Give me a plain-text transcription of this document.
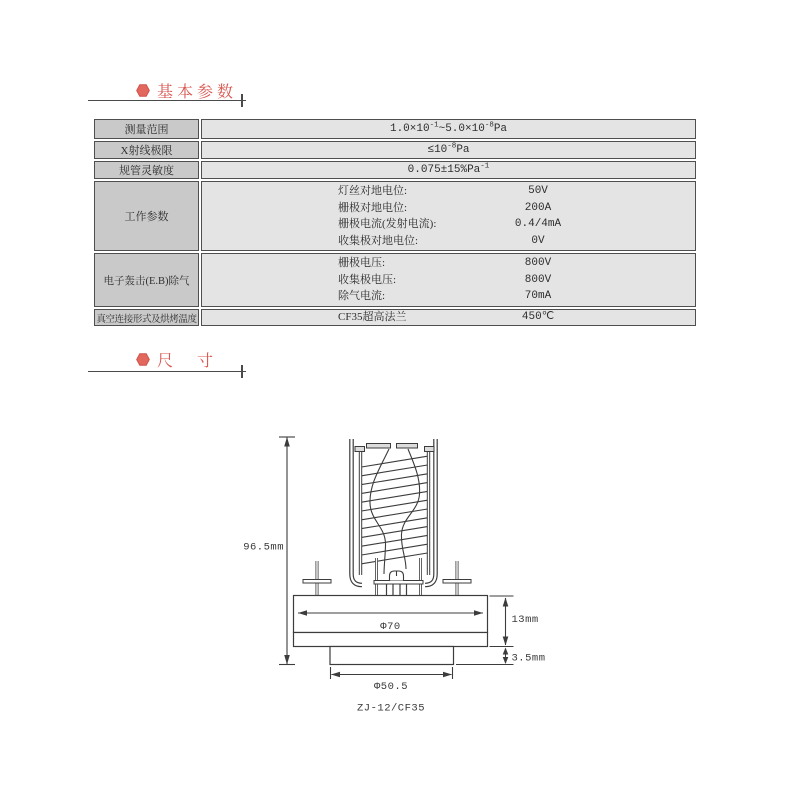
基本参数
测量范围	$1.0\times 10^{-1}\sim 5.0\times 10^{-8}Pa$
X射线极限	$\le 10^{-8}Pa$
规管灵敏度	$0.075\pm 15\%Pa^{-1}$
工作参数	
灯丝对地电位:	50V
栅极对地电位:	200A
栅极电流(发射电流):	0.4/4mA
收集极对地电位:	0V

电子轰击(E.B)除气	
栅极电压:	800V
收集极电压:	800V
除气电流:	70mA

真空连接形式及烘烤温度	CF35超高法兰 450℃

尺　寸
96.5mm
Φ70
13mm
3.5mm
Φ50.5
ZJ-12/CF35
